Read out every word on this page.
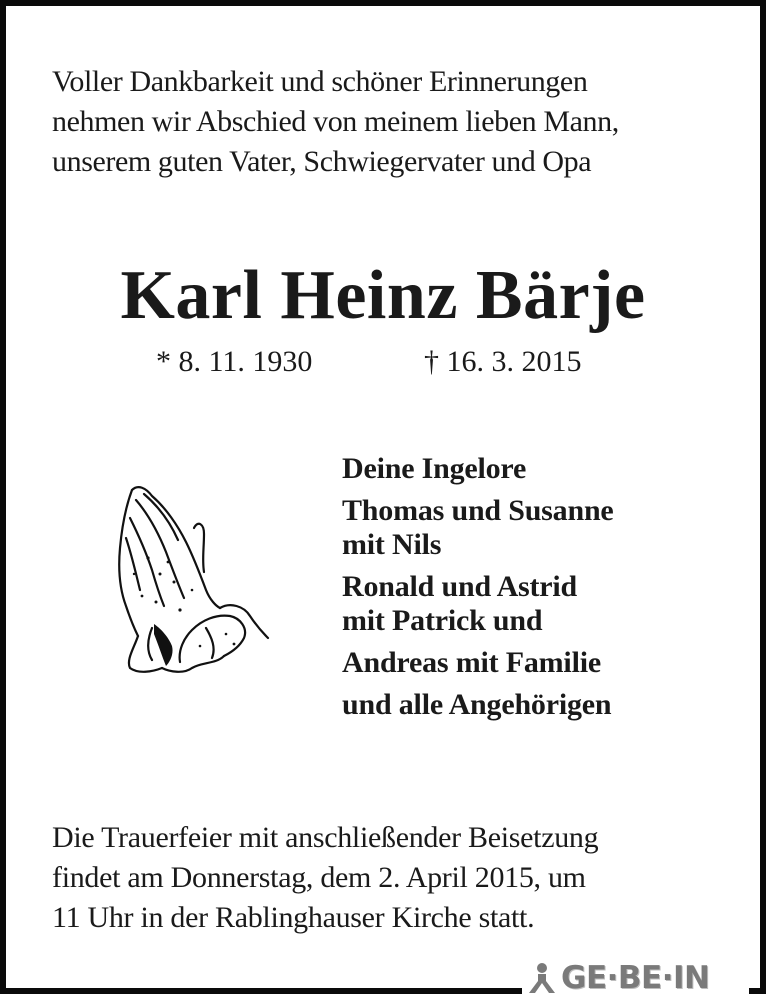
Voller Dankbarkeit und schöner Erinnerungen
nehmen wir Abschied von meinem lieben Mann,
unserem guten Vater, Schwiegervater und Opa
Karl Heinz Bärje
* 8. 11. 1930	† 16. 3. 2015
Deine Ingelore
Thomas und Susanne
mit Nils
Ronald und Astrid
mit Patrick und
Andreas mit Familie
und alle Angehörigen
Die Trauerfeier mit anschließender Beisetzung
findet am Donnerstag, dem 2. April 2015, um
11 Uhr in der Rablinghauser Kirche statt.
GE·BE·IN
